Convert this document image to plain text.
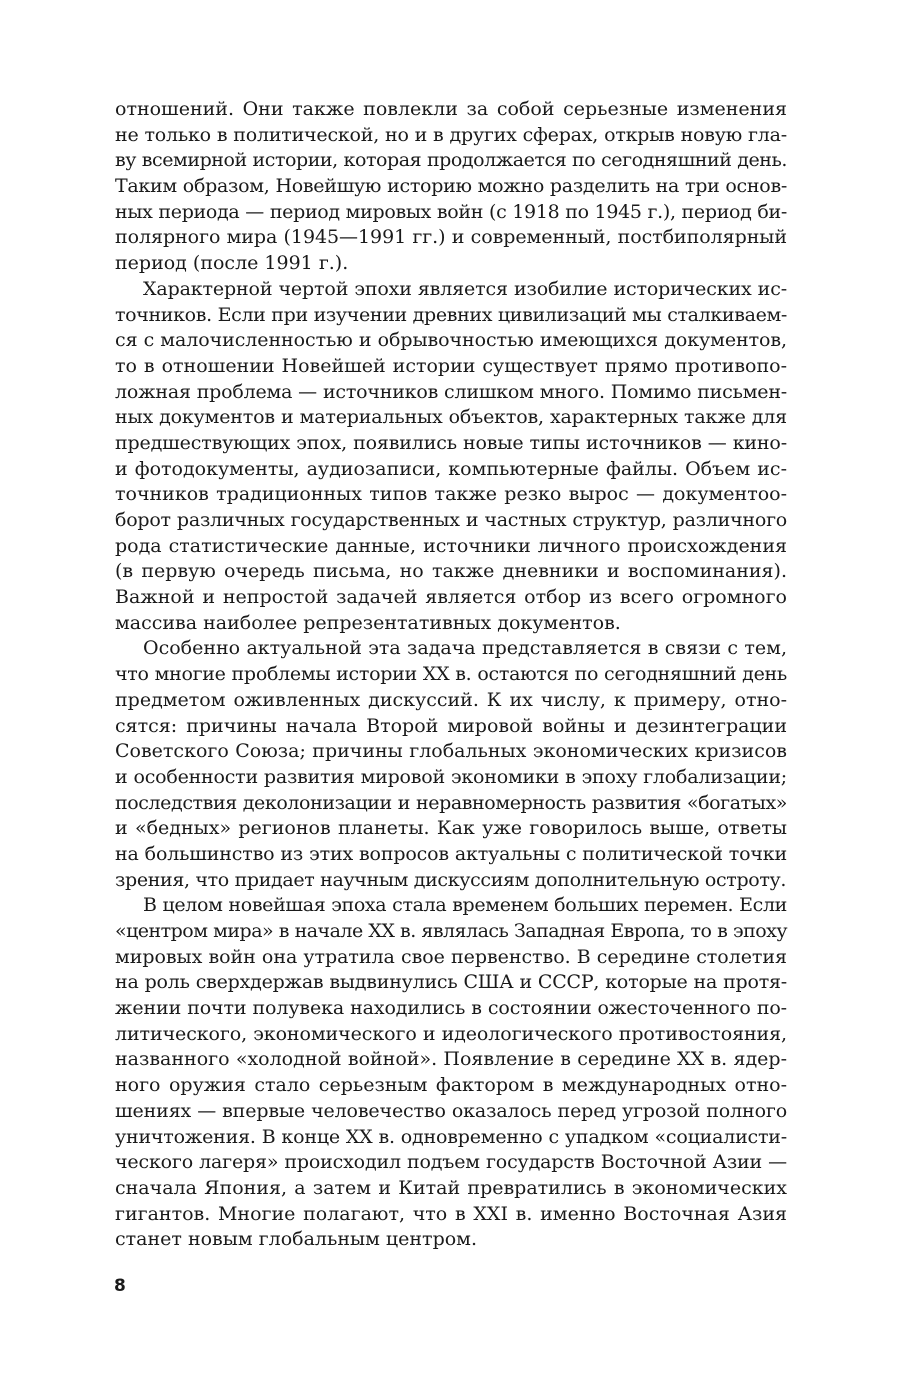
отношений. Они также повлекли за собой серьезные изменения
не только в политической, но и в других сферах, открыв новую гла-
ву всемирной истории, которая продолжается по сегодняшний день.
Таким образом, Новейшую историю можно разделить на три основ-
ных периода — период мировых войн (с 1918 по 1945 г.), период би-
полярного мира (1945—1991 гг.) и современный, постбиполярный
период (после 1991 г.).
Характерной чертой эпохи является изобилие исторических ис-
точников. Если при изучении древних цивилизаций мы сталкиваем-
ся с малочисленностью и обрывочностью имеющихся документов,
то в отношении Новейшей истории существует прямо противопо-
ложная проблема — источников слишком много. Помимо письмен-
ных документов и материальных объектов, характерных также для
предшествующих эпох, появились новые типы источников — кино-
и фотодокументы, аудиозаписи, компьютерные файлы. Объем ис-
точников традиционных типов также резко вырос — документоо-
борот различных государственных и частных структур, различного
рода статистические данные, источники личного происхождения
(в первую очередь письма, но также дневники и воспоминания).
Важной и непростой задачей является отбор из всего огромного
массива наиболее репрезентативных документов.
Особенно актуальной эта задача представляется в связи с тем,
что многие проблемы истории XX в. остаются по сегодняшний день
предметом оживленных дискуссий. К их числу, к примеру, отно-
сятся: причины начала Второй мировой войны и дезинтеграции
Советского Союза; причины глобальных экономических кризисов
и особенности развития мировой экономики в эпоху глобализации;
последствия деколонизации и неравномерность развития «богатых»
и «бедных» регионов планеты. Как уже говорилось выше, ответы
на большинство из этих вопросов актуальны с политической точки
зрения, что придает научным дискуссиям дополнительную остроту.
В целом новейшая эпоха стала временем больших перемен. Если
«центром мира» в начале XX в. являлась Западная Европа, то в эпоху
мировых войн она утратила свое первенство. В середине столетия
на роль сверхдержав выдвинулись США и СССР, которые на протя-
жении почти полувека находились в состоянии ожесточенного по-
литического, экономического и идеологического противостояния,
названного «холодной войной». Появление в середине XX в. ядер-
ного оружия стало серьезным фактором в международных отно-
шениях — впервые человечество оказалось перед угрозой полного
уничтожения. В конце XX в. одновременно с упадком «социалисти-
ческого лагеря» происходил подъем государств Восточной Азии —
сначала Япония, а затем и Китай превратились в экономических
гигантов. Многие полагают, что в XXI в. именно Восточная Азия
станет новым глобальным центром.
8
